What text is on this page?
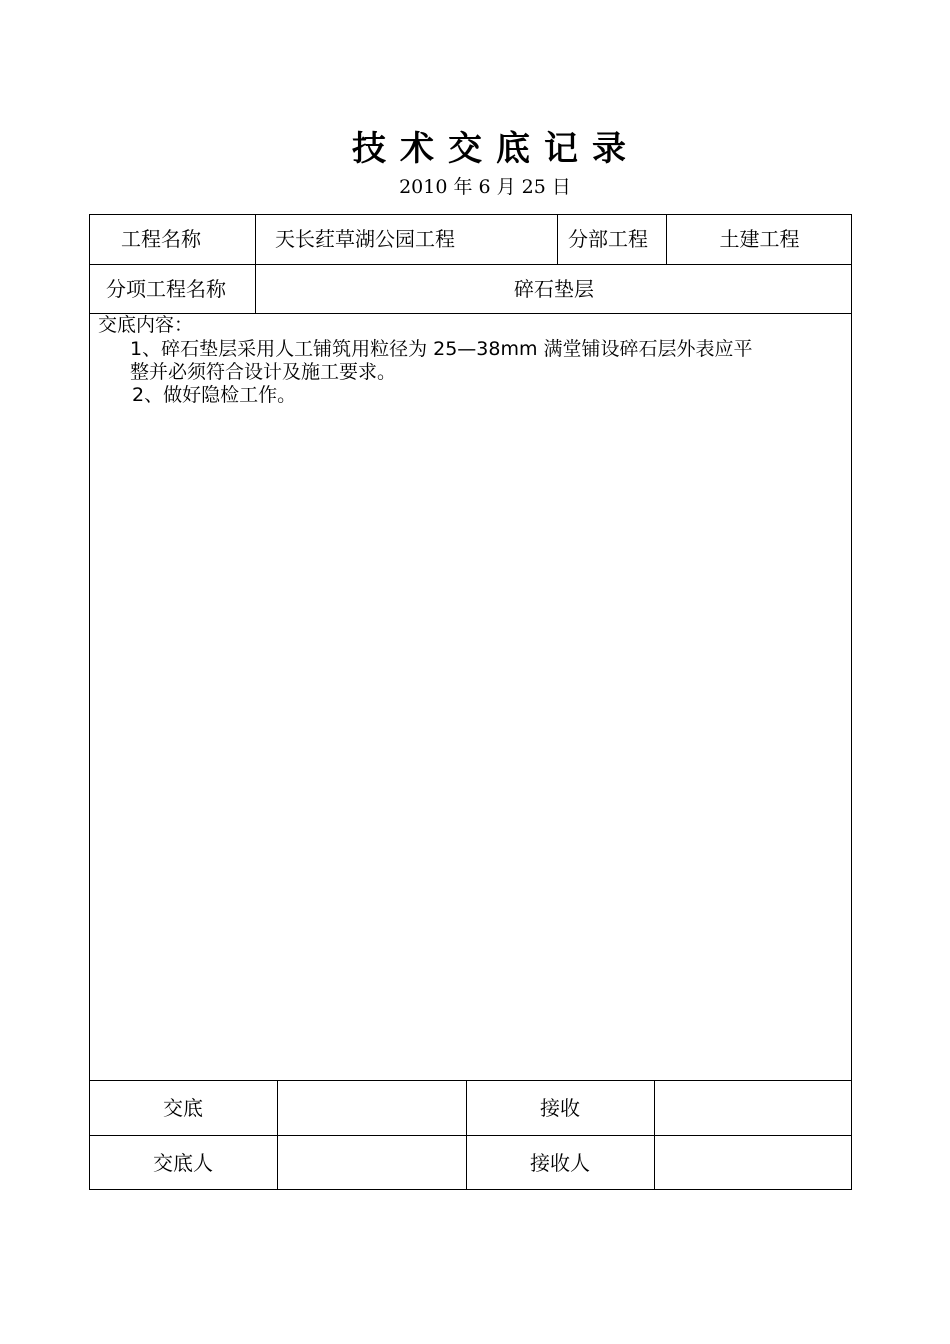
技术交底记录
2010 年 6 月 25 日
工程名称	天长荭草湖公园工程	分部工程	土建工程
分项工程名称	碎石垫层
交底内容：
1、碎石垫层采用人工铺筑用粒径为 25—38mm 满堂铺设碎石层外表应平
整并必须符合设计及施工要求。
2、做好隐检工作。
交底	接收
交底人	接收人
